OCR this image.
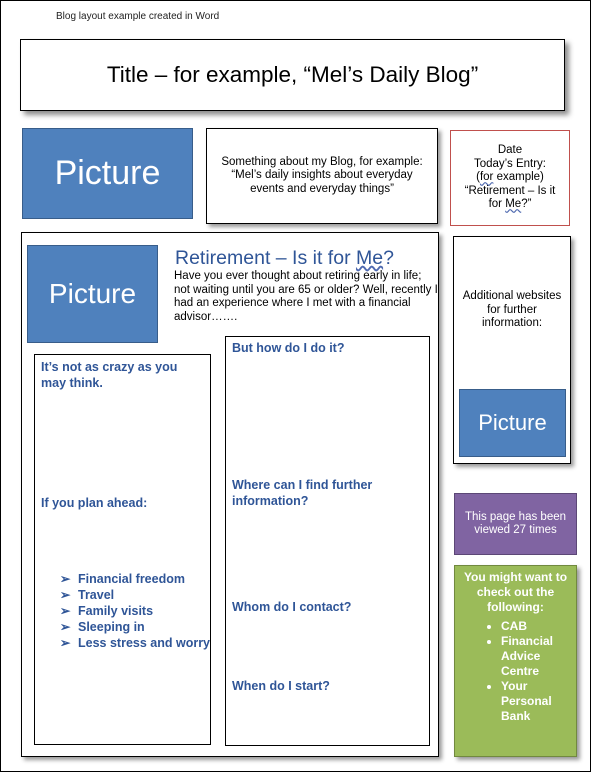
Blog layout example created in Word
Title – for example, “Mel’s Daily Blog”
Picture	Something about my Blog, for example:
“Mel’s daily insights about everyday events and everyday things”
Date
Today’s Entry:
(for example)
“Retirement – Is it
for Me?”
Picture
Retirement – Is it for Me?
Have you ever thought about retiring early in life; not waiting until you are 65 or older? Well, recently I had an experience where I met with a financial advisor…….
It’s not as crazy as you may think.
If you plan ahead:
➢ Financial freedom
➢ Travel
➢ Family visits
➢ Sleeping in
➢ Less stress and worry
But how do I do it?
Where can I find further information?
Whom do I contact?
When do I start?
Additional websites for further information:
Picture
This page has been viewed 27 times
You might want to check out the following:
• CAB
• Financial Advice Centre
• Your Personal Bank
